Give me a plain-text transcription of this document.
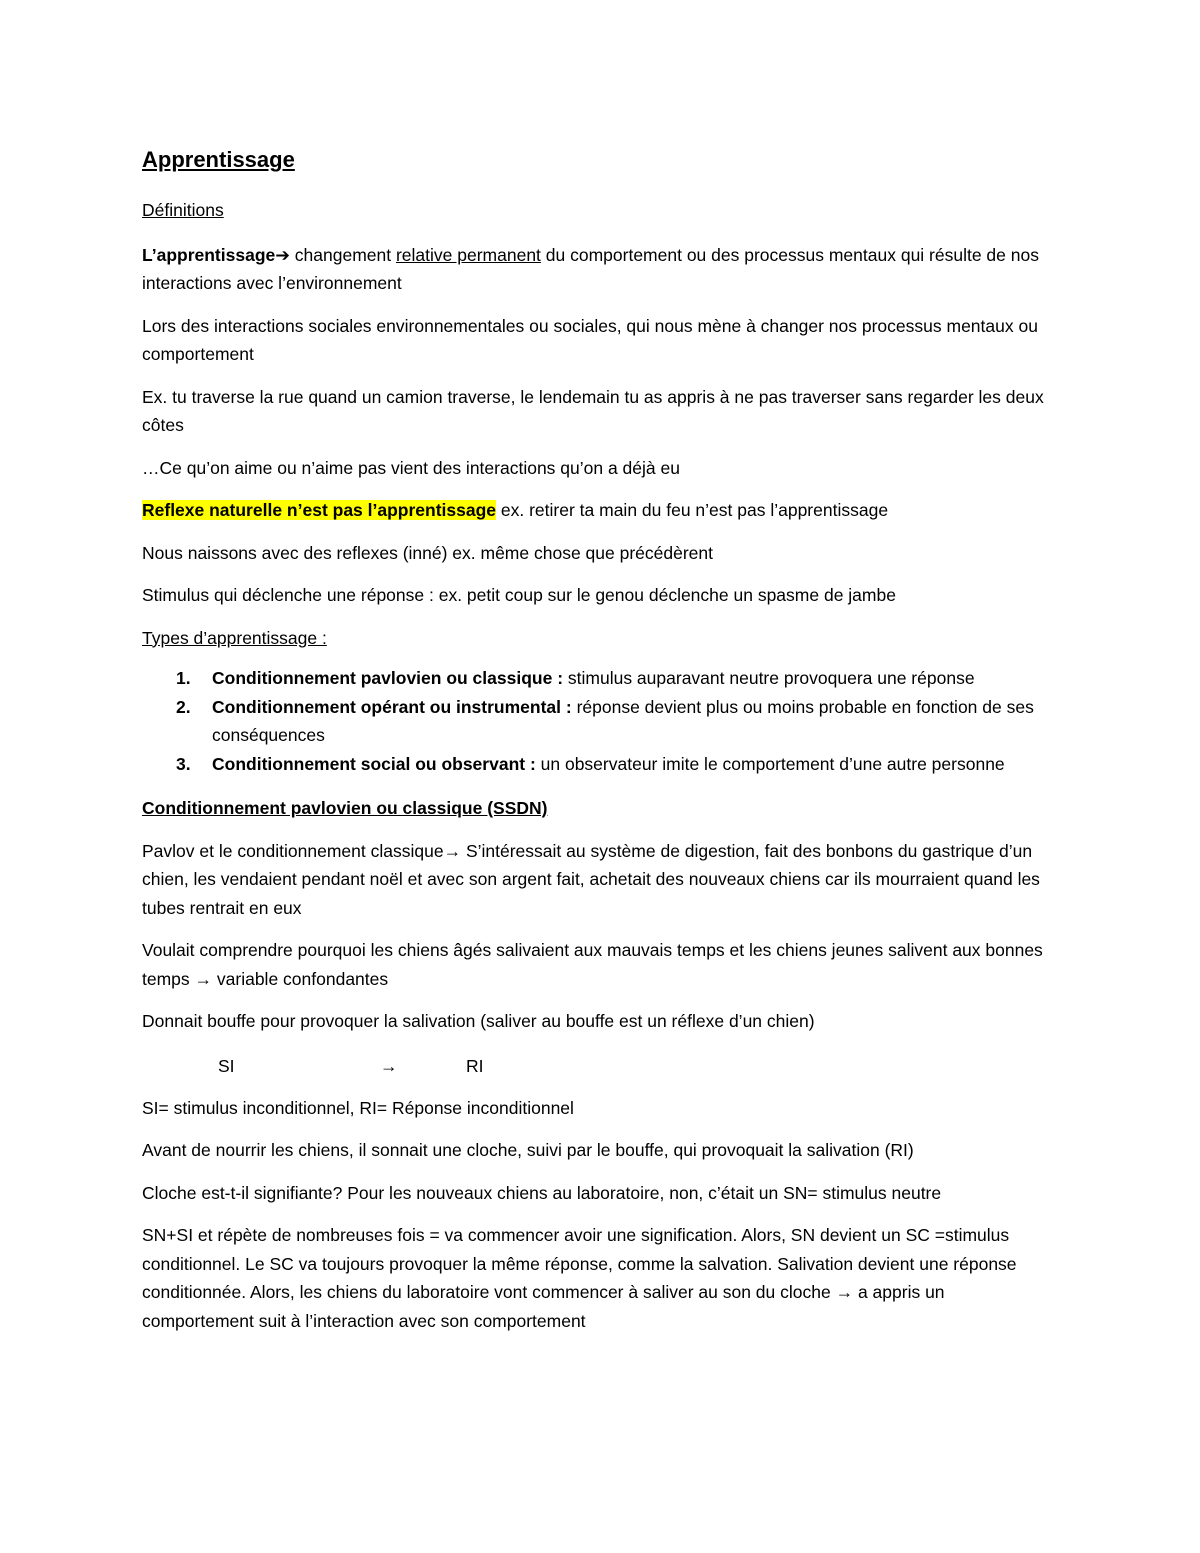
Apprentissage

Définitions

L’apprentissage➔ changement relative permanent du comportement ou des processus mentaux qui résulte de nos interactions avec l’environnement

Lors des interactions sociales environnementales ou sociales, qui nous mène à changer nos processus mentaux ou comportement

Ex. tu traverse la rue quand un camion traverse, le lendemain tu as appris à ne pas traverser sans regarder les deux côtes

…Ce qu’on aime ou n’aime pas vient des interactions qu’on a déjà eu

Reflexe naturelle n’est pas l’apprentissage ex. retirer ta main du feu n’est pas l’apprentissage

Nous naissons avec des reflexes (inné) ex. même chose que précédèrent

Stimulus qui déclenche une réponse : ex. petit coup sur le genou déclenche un spasme de jambe

Types d’apprentissage :

1. Conditionnement pavlovien ou classique : stimulus auparavant neutre provoquera une réponse
2. Conditionnement opérant ou instrumental : réponse devient plus ou moins probable en fonction de ses conséquences
3. Conditionnement social ou observant : un observateur imite le comportement d’une autre personne

Conditionnement pavlovien ou classique (SSDN)

Pavlov et le conditionnement classique→ S’intéressait au système de digestion, fait des bonbons du gastrique d’un chien, les vendaient pendant noël et avec son argent fait, achetait des nouveaux chiens car ils mourraient quand les tubes rentrait en eux

Voulait comprendre pourquoi les chiens âgés salivaient aux mauvais temps et les chiens jeunes salivent aux bonnes temps → variable confondantes

Donnait bouffe pour provoquer la salivation (saliver au bouffe est un réflexe d’un chien)

SI	→	RI

SI= stimulus inconditionnel, RI= Réponse inconditionnel

Avant de nourrir les chiens, il sonnait une cloche, suivi par le bouffe, qui provoquait la salivation (RI)

Cloche est-t-il signifiante? Pour les nouveaux chiens au laboratoire, non, c’était un SN= stimulus neutre

SN+SI et répète de nombreuses fois = va commencer avoir une signification. Alors, SN devient un SC =stimulus conditionnel. Le SC va toujours provoquer la même réponse, comme la salvation. Salivation devient une réponse conditionnée. Alors, les chiens du laboratoire vont commencer à saliver au son du cloche → a appris un comportement suit à l’interaction avec son comportement
